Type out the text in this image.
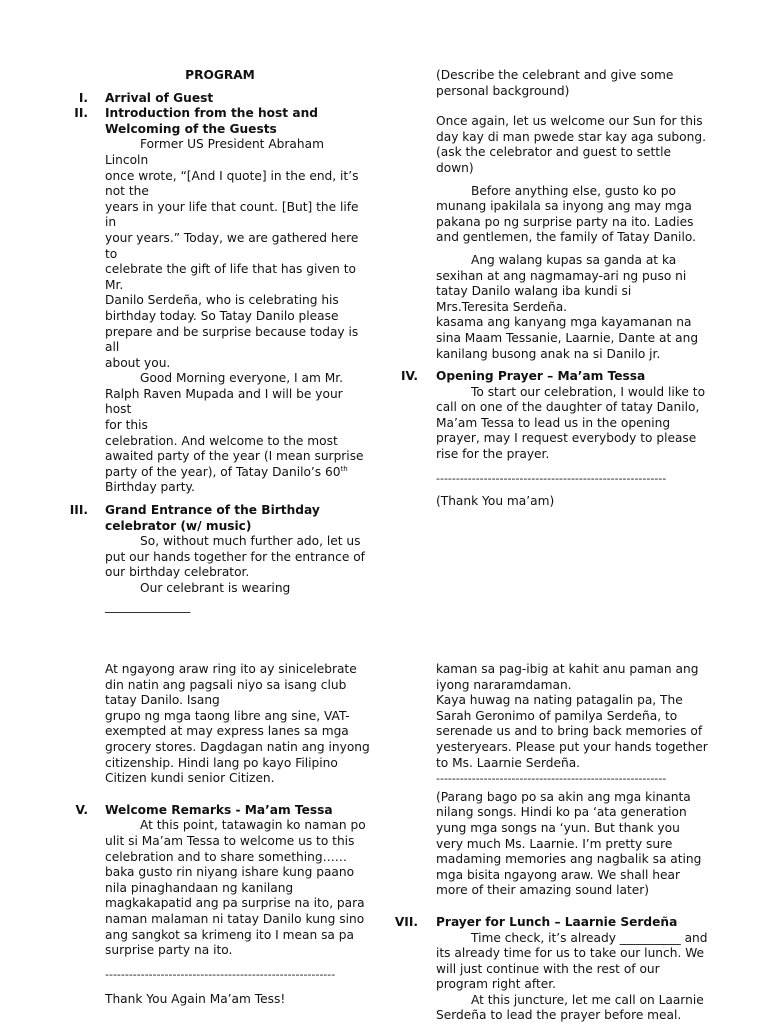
PROGRAM
I. Arrival of Guest
II. Introduction from the host and
Welcoming of the Guests
Former US President Abraham Lincoln
once wrote, “[And I quote] in the end, it’s
not the
years in your life that count. [But] the life in
your years.” Today, we are gathered here to
celebrate the gift of life that has given to Mr.
Danilo Serdeña, who is celebrating his
birthday today. So Tatay Danilo please
prepare and be surprise because today is all
about you.
Good Morning everyone, I am Mr.
Ralph Raven Mupada and I will be your host
for this
celebration. And welcome to the most
awaited party of the year (I mean surprise
party of the year), of Tatay Danilo’s 60th
Birthday party.
III. Grand Entrance of the Birthday
celebrator (w/ music)
So, without much further ado, let us
put our hands together for the entrance of
our birthday celebrator.
Our celebrant is wearing
______________
(Describe the celebrant and give some
personal background)
Once again, let us welcome our Sun for this
day kay di man pwede star kay aga subong.
(ask the celebrator and guest to settle
down)
Before anything else, gusto ko po
munang ipakilala sa inyong ang may mga
pakana po ng surprise party na ito. Ladies
and gentlemen, the family of Tatay Danilo.
Ang walang kupas sa ganda at ka
sexihan at ang nagmamay-ari ng puso ni
tatay Danilo walang iba kundi si
Mrs.Teresita Serdeña.
kasama ang kanyang mga kayamanan na
sina Maam Tessanie, Laarnie, Dante at ang
kanilang busong anak na si Danilo jr.
IV. Opening Prayer – Ma’am Tessa
To start our celebration, I would like to
call on one of the daughter of tatay Danilo,
Ma’am Tessa to lead us in the opening
prayer, may I request everybody to please
rise for the prayer.
----------------------------------------------------------
(Thank You ma’am)
At ngayong araw ring ito ay sinicelebrate
din natin ang pagsali niyo sa isang club
tatay Danilo. Isang
grupo ng mga taong libre ang sine, VAT-
exempted at may express lanes sa mga
grocery stores. Dagdagan natin ang inyong
citizenship. Hindi lang po kayo Filipino
Citizen kundi senior Citizen.
V. Welcome Remarks - Ma’am Tessa
At this point, tatawagin ko naman po
ulit si Ma’am Tessa to welcome us to this
celebration and to share something……
baka gusto rin niyang ishare kung paano
nila pinaghandaan ng kanilang
magkakapatid ang pa surprise na ito, para
naman malaman ni tatay Danilo kung sino
ang sangkot sa krimeng ito I mean sa pa
surprise party na ito.
----------------------------------------------------------
Thank You Again Ma’am Tess!
kaman sa pag-ibig at kahit anu paman ang
iyong nararamdaman.
Kaya huwag na nating patagalin pa, The
Sarah Geronimo of pamilya Serdeña, to
serenade us and to bring back memories of
yesteryears. Please put your hands together
to Ms. Laarnie Serdeña.
----------------------------------------------------------
(Parang bago po sa akin ang mga kinanta
nilang songs. Hindi ko pa ‘ata generation
yung mga songs na ‘yun. But thank you
very much Ms. Laarnie. I’m pretty sure
madaming memories ang nagbalik sa ating
mga bisita ngayong araw. We shall hear
more of their amazing sound later)
VII. Prayer for Lunch – Laarnie Serdeña
Time check, it’s already __________ and
its already time for us to take our lunch. We
will just continue with the rest of our
program right after.
At this juncture, let me call on Laarnie
Serdeña to lead the prayer before meal.
